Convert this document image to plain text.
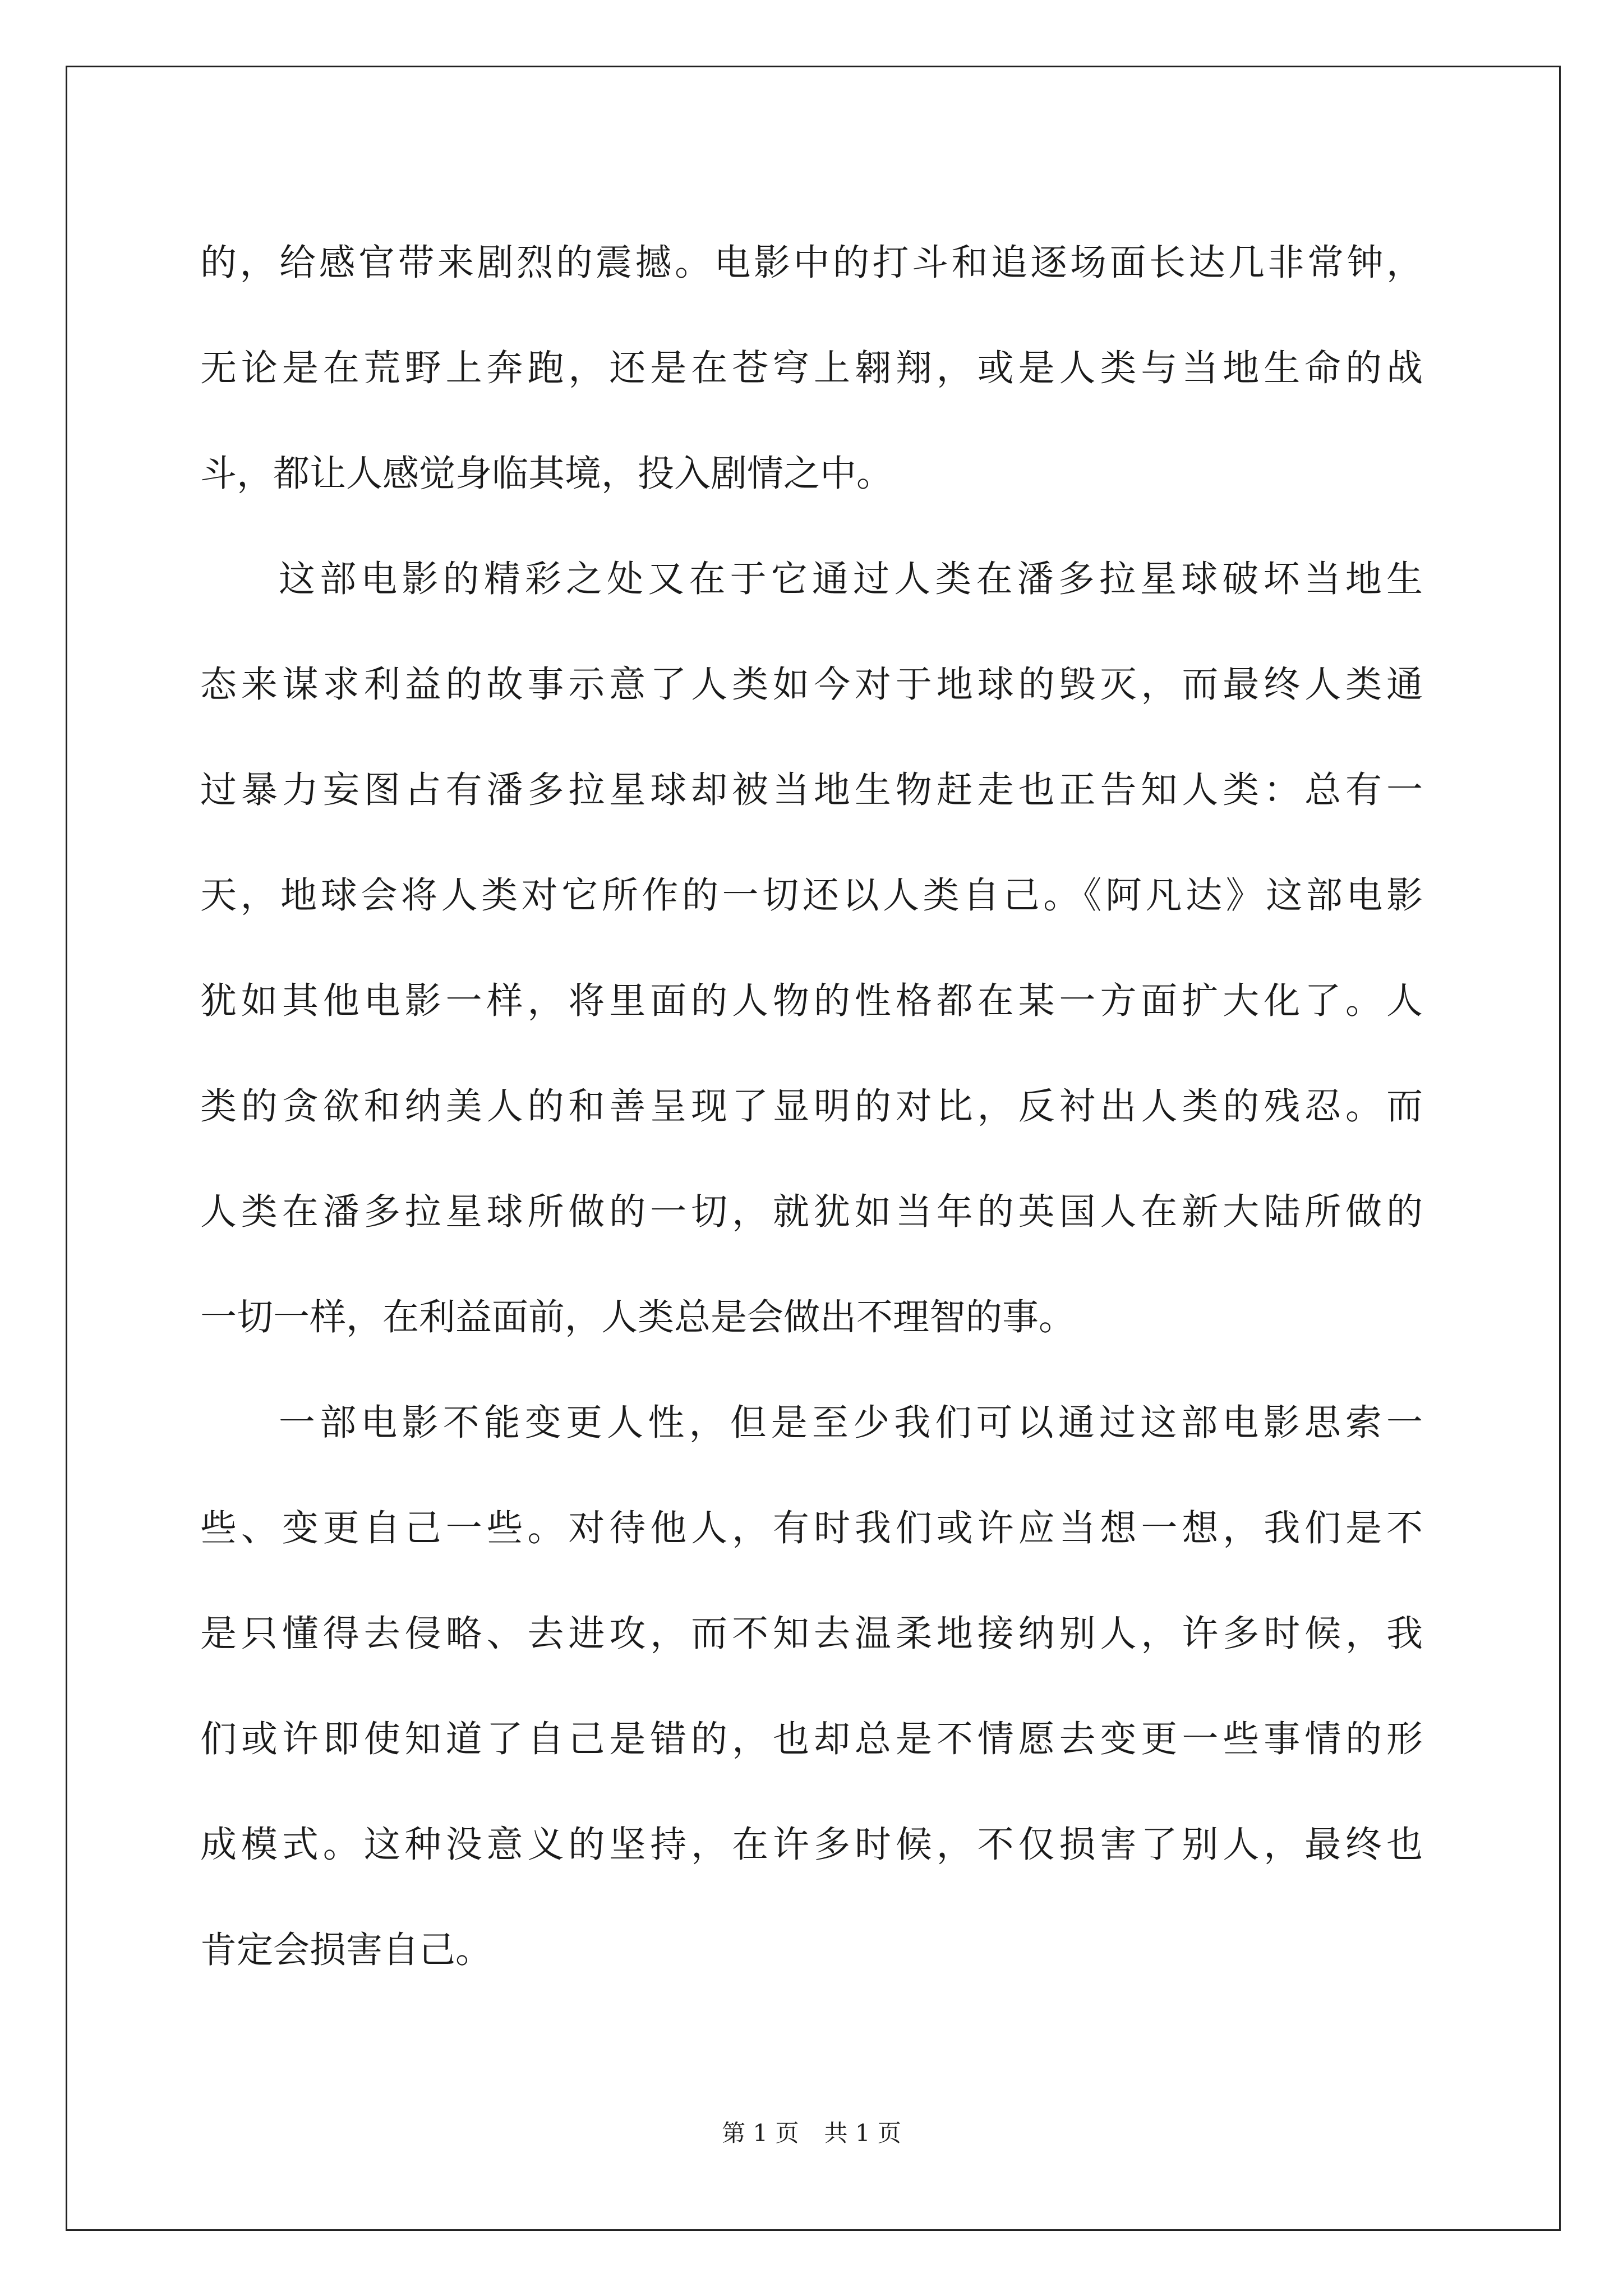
的，给感官带来剧烈的震撼。电影中的打斗和追逐场面长达几非常钟，
无论是在荒野上奔跑，还是在苍穹上翱翔，或是人类与当地生命的战
斗，都让人感觉身临其境，投入剧情之中。
这部电影的精彩之处又在于它通过人类在潘多拉星球破坏当地生
态来谋求利益的故事示意了人类如今对于地球的毁灭，而最终人类通
过暴力妄图占有潘多拉星球却被当地生物赶走也正告知人类：总有一
天，地球会将人类对它所作的一切还以人类自己。《阿凡达》这部电影
犹如其他电影一样，将里面的人物的性格都在某一方面扩大化了。人
类的贪欲和纳美人的和善呈现了显明的对比，反衬出人类的残忍。而
人类在潘多拉星球所做的一切，就犹如当年的英国人在新大陆所做的
一切一样，在利益面前，人类总是会做出不理智的事。
一部电影不能变更人性，但是至少我们可以通过这部电影思索一
些、变更自己一些。对待他人，有时我们或许应当想一想，我们是不
是只懂得去侵略、去进攻，而不知去温柔地接纳别人，许多时候，我
们或许即使知道了自己是错的，也却总是不情愿去变更一些事情的形
成模式。这种没意义的坚持，在许多时候，不仅损害了别人，最终也
肯定会损害自己。
第 1 页 共 1 页
